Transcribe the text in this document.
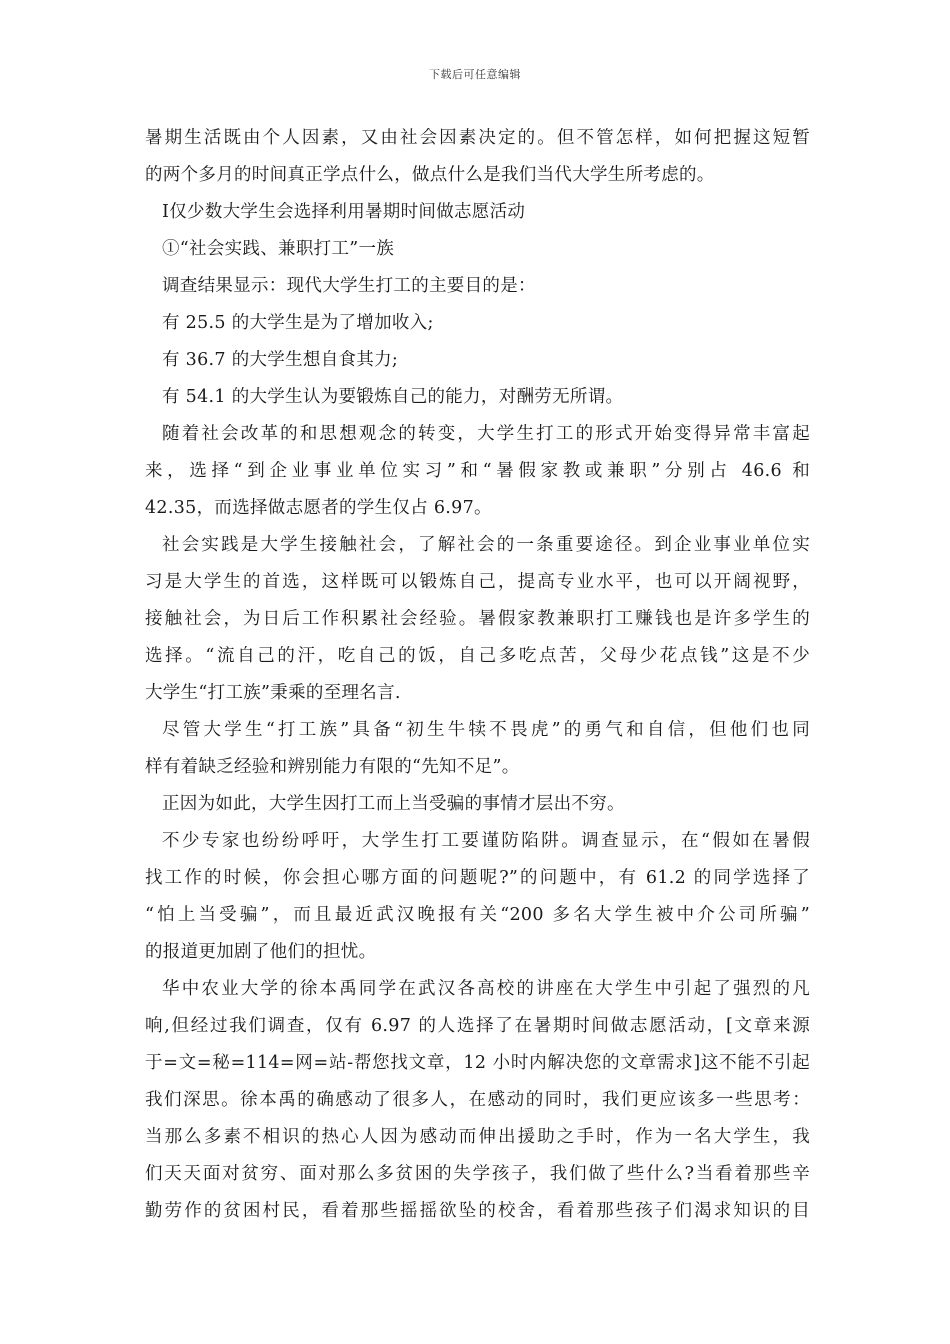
下载后可任意编辑
暑期生活既由个人因素，又由社会因素决定的。但不管怎样，如何把握这短暂
的两个多月的时间真正学点什么，做点什么是我们当代大学生所考虑的。
Ⅰ仅少数大学生会选择利用暑期时间做志愿活动
①“社会实践、兼职打工”一族
调查结果显示：现代大学生打工的主要目的是：
有 25.5 的大学生是为了增加收入;
有 36.7 的大学生想自食其力;
有 54.1 的大学生认为要锻炼自己的能力，对酬劳无所谓。
随着社会改革的和思想观念的转变，大学生打工的形式开始变得异常丰富起
来，选择“到企业事业单位实习”和“暑假家教或兼职”分别占 46.6 和
42.35，而选择做志愿者的学生仅占 6.97。
社会实践是大学生接触社会，了解社会的一条重要途径。到企业事业单位实
习是大学生的首选，这样既可以锻炼自己，提高专业水平，也可以开阔视野，
接触社会，为日后工作积累社会经验。暑假家教兼职打工赚钱也是许多学生的
选择。“流自己的汗，吃自己的饭，自己多吃点苦，父母少花点钱”这是不少
大学生“打工族”秉乘的至理名言.
尽管大学生“打工族”具备“初生牛犊不畏虎”的勇气和自信，但他们也同
样有着缺乏经验和辨别能力有限的“先知不足”。
正因为如此，大学生因打工而上当受骗的事情才层出不穷。
不少专家也纷纷呼吁，大学生打工要谨防陷阱。调查显示，在“假如在暑假
找工作的时候，你会担心哪方面的问题呢?”的问题中，有 61.2 的同学选择了
“怕上当受骗”，而且最近武汉晚报有关“200 多名大学生被中介公司所骗”
的报道更加剧了他们的担忧。
华中农业大学的徐本禹同学在武汉各高校的讲座在大学生中引起了强烈的凡
响,但经过我们调查，仅有 6.97 的人选择了在暑期时间做志愿活动，[文章来源
于=文=秘=114=网=站-帮您找文章，12 小时内解决您的文章需求]这不能不引起
我们深思。徐本禹的确感动了很多人，在感动的同时，我们更应该多一些思考：
当那么多素不相识的热心人因为感动而伸出援助之手时，作为一名大学生，我
们天天面对贫穷、面对那么多贫困的失学孩子，我们做了些什么?当看着那些辛
勤劳作的贫困村民，看着那些摇摇欲坠的校舍，看着那些孩子们渴求知识的目
